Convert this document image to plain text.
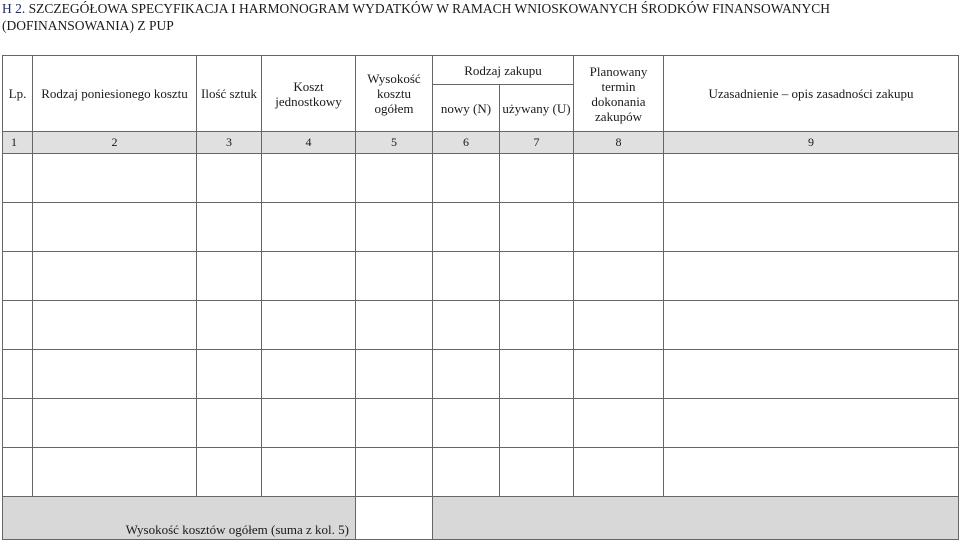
H 2. SZCZEGÓŁOWA SPECYFIKACJA I HARMONOGRAM WYDATKÓW W RAMACH WNIOSKOWANYCH ŚRODKÓW FINANSOWANYCH
(DOFINANSOWANIA) Z PUP
Lp.	Rodzaj poniesionego kosztu	Ilość sztuk	Koszt jednostkowy	Wysokość kosztu ogółem	Rodzaj zakupu		Planowany termin dokonania zakupów	Uzasadnienie – opis zasadności zakupu
					nowy (N)	używany (U)		
1	2	3	4	5	6	7	8	9

Wysokość kosztów ogółem (suma z kol. 5)								
